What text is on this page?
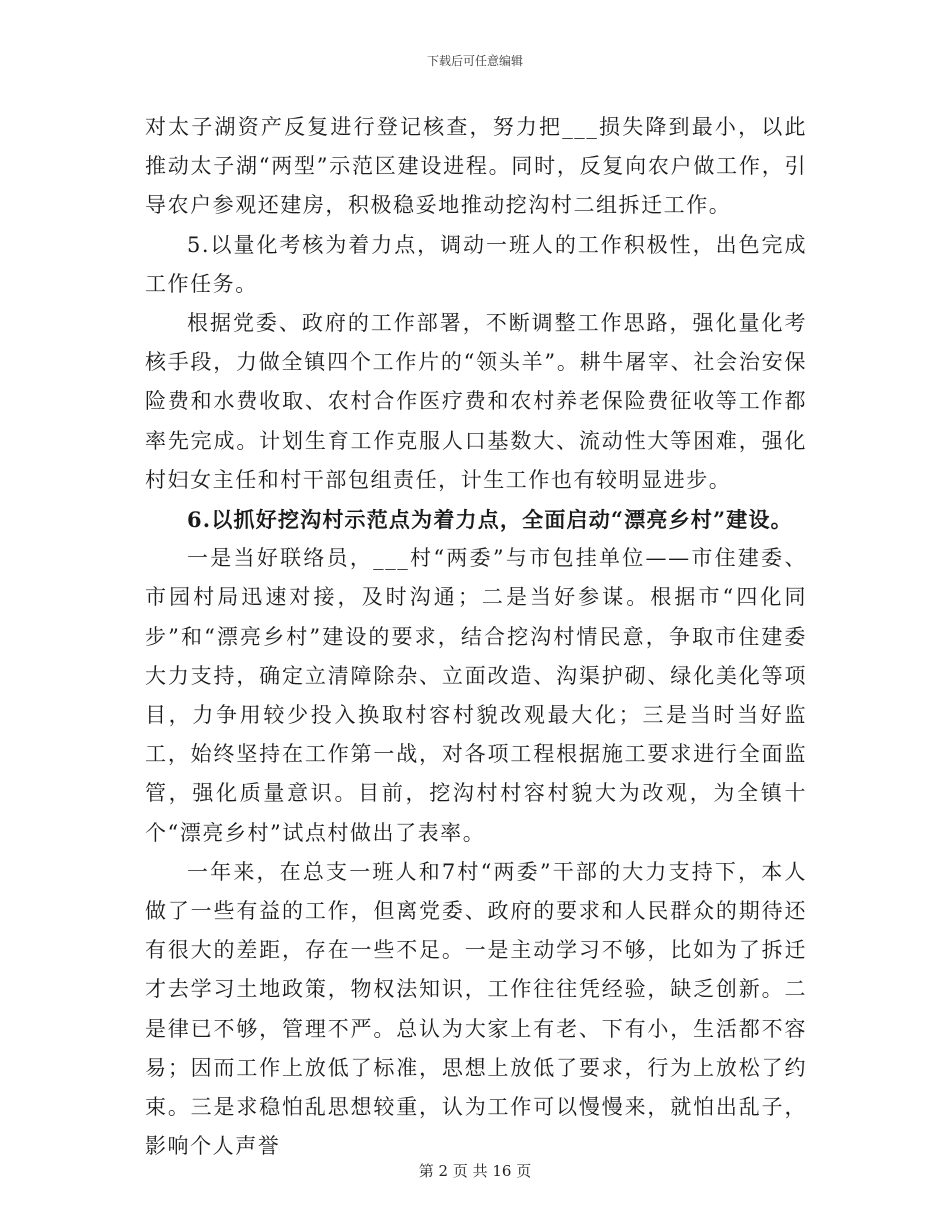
下载后可任意编辑

对太子湖资产反复进行登记核查，努力把___损失降到最小，以此推动太子湖“两型”示范区建设进程。同时，反复向农户做工作，引导农户参观还建房，积极稳妥地推动挖沟村二组拆迁工作。

5.以量化考核为着力点，调动一班人的工作积极性，出色完成工作任务。

根据党委、政府的工作部署，不断调整工作思路，强化量化考核手段，力做全镇四个工作片的“领头羊”。耕牛屠宰、社会治安保险费和水费收取、农村合作医疗费和农村养老保险费征收等工作都率先完成。计划生育工作克服人口基数大、流动性大等困难，强化村妇女主任和村干部包组责任，计生工作也有较明显进步。

6.以抓好挖沟村示范点为着力点，全面启动“漂亮乡村”建设。

一是当好联络员，___村“两委”与市包挂单位——市住建委、市园村局迅速对接，及时沟通；二是当好参谋。根据市“四化同步”和“漂亮乡村”建设的要求，结合挖沟村情民意，争取市住建委大力支持，确定立清障除杂、立面改造、沟渠护砌、绿化美化等项目，力争用较少投入换取村容村貌改观最大化；三是当时当好监工，始终坚持在工作第一战，对各项工程根据施工要求进行全面监管，强化质量意识。目前，挖沟村村容村貌大为改观，为全镇十个“漂亮乡村”试点村做出了表率。

一年来，在总支一班人和7村“两委”干部的大力支持下，本人做了一些有益的工作，但离党委、政府的要求和人民群众的期待还有很大的差距，存在一些不足。一是主动学习不够，比如为了拆迁才去学习土地政策，物权法知识，工作往往凭经验，缺乏创新。二是律已不够，管理不严。总认为大家上有老、下有小，生活都不容易；因而工作上放低了标准，思想上放低了要求，行为上放松了约束。三是求稳怕乱思想较重，认为工作可以慢慢来，就怕出乱子，影响个人声誉

第 2 页 共 16 页
